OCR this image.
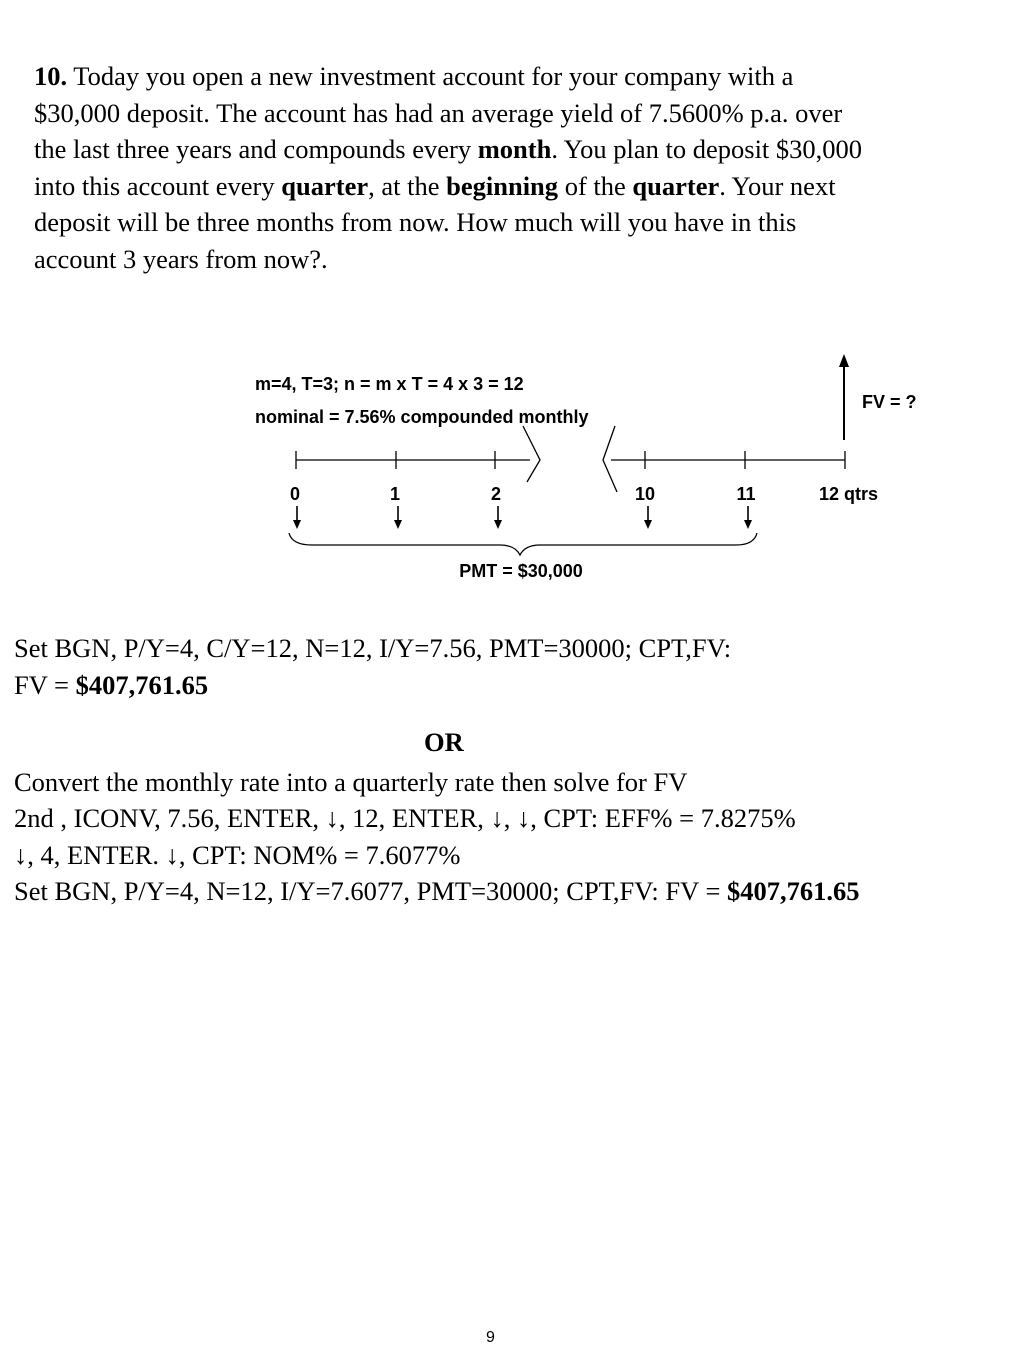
10. Today you open a new investment account for your company with a
$30,000 deposit. The account has had an average yield of 7.5600% p.a. over
the last three years and compounds every month. You plan to deposit $30,000
into this account every quarter, at the beginning of the quarter. Your next
deposit will be three months from now. How much will you have in this
account 3 years from now?.
m=4, T=3; n = m x T = 4 x 3 = 12
nominal = 7.56% compounded monthly
FV = ?
0	1	2	10	11	12 qtrs
PMT = $30,000
Set BGN, P/Y=4, C/Y=12, N=12, I/Y=7.56, PMT=30000; CPT,FV:
FV = $407,761.65
OR
Convert the monthly rate into a quarterly rate then solve for FV
2nd , ICONV, 7.56, ENTER, ↓, 12, ENTER, ↓, ↓, CPT: EFF% = 7.8275%
↓, 4, ENTER. ↓, CPT: NOM% = 7.6077%
Set BGN, P/Y=4, N=12, I/Y=7.6077, PMT=30000; CPT,FV: FV = $407,761.65
9
